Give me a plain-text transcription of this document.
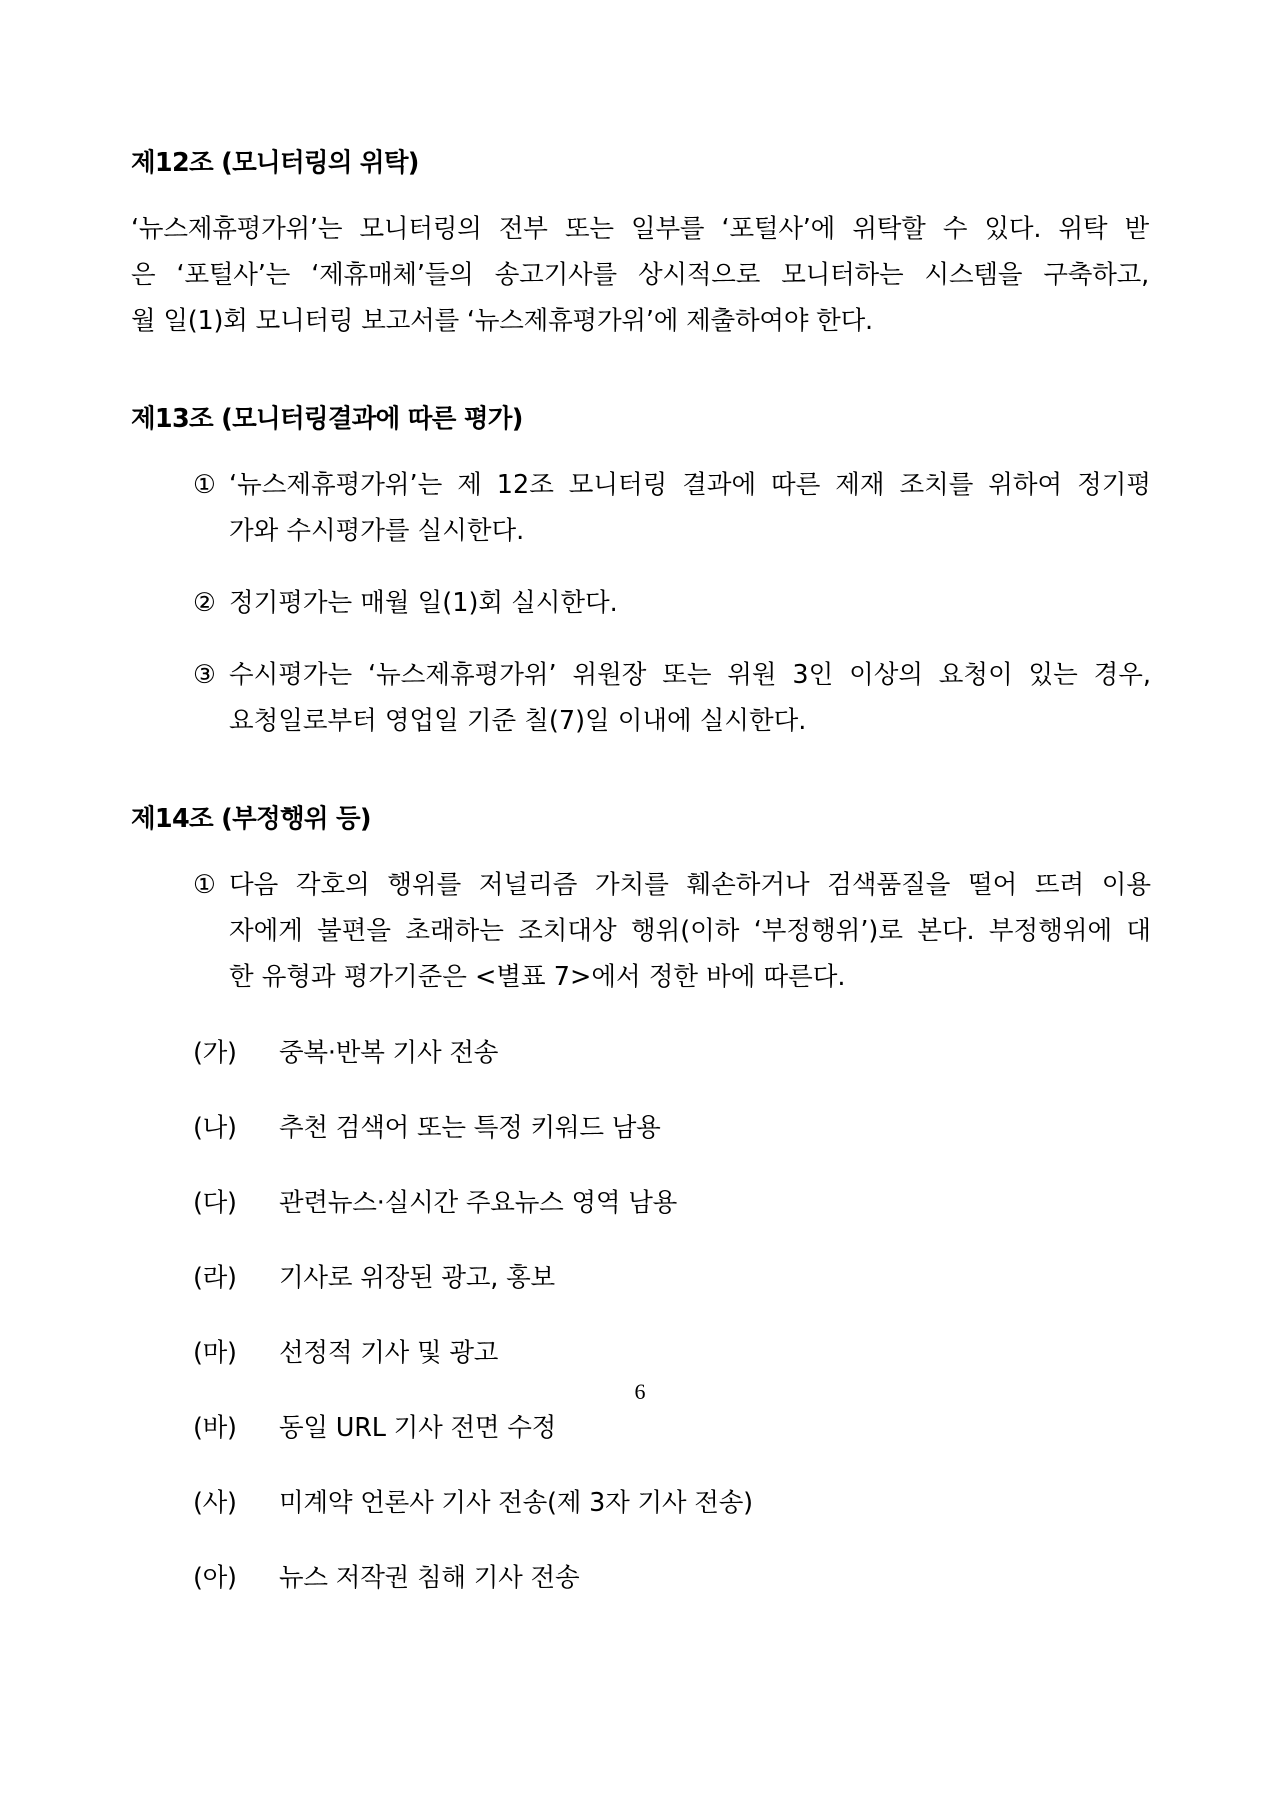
제12조 (모니터링의 위탁)

‘뉴스제휴평가위’는 모니터링의 전부 또는 일부를 ‘포털사’에 위탁할 수 있다. 위탁 받
은 ‘포털사’는 ‘제휴매체’들의 송고기사를 상시적으로 모니터하는 시스템을 구축하고,
월 일(1)회 모니터링 보고서를 ‘뉴스제휴평가위’에 제출하여야 한다.

제13조 (모니터링결과에 따른 평가)
① ‘뉴스제휴평가위’는 제 12조 모니터링 결과에 따른 제재 조치를 위하여 정기평
가와 수시평가를 실시한다.
② 정기평가는 매월 일(1)회 실시한다.
③ 수시평가는 ‘뉴스제휴평가위’ 위원장 또는 위원 3인 이상의 요청이 있는 경우,
요청일로부터 영업일 기준 칠(7)일 이내에 실시한다.
제14조 (부정행위 등)
① 다음 각호의 행위를 저널리즘 가치를 훼손하거나 검색품질을 떨어 뜨려 이용
자에게 불편을 초래하는 조치대상 행위(이하 ‘부정행위’)로 본다. 부정행위에 대
한 유형과 평가기준은 <별표 7>에서 정한 바에 따른다.
(가)	중복·반복 기사 전송
(나)	추천 검색어 또는 특정 키워드 남용
(다)	관련뉴스·실시간 주요뉴스 영역 남용
(라)	기사로 위장된 광고, 홍보
(마)	선정적 기사 및 광고
(바)	동일 URL 기사 전면 수정
(사)	미계약 언론사 기사 전송(제 3자 기사 전송)
(아)	뉴스 저작권 침해 기사 전송
6
